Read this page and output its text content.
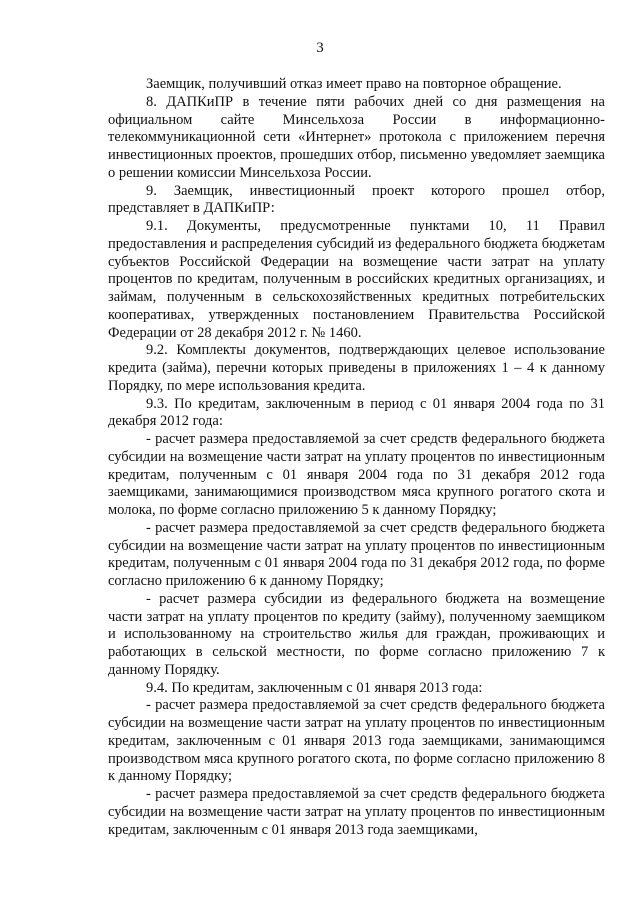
3

Заемщик, получивший отказ имеет право на повторное обращение.

8. ДАПКиПР в течение пяти рабочих дней со дня размещения на официальном сайте Минсельхоза России в информационно-телекоммуникационной сети «Интернет» протокола с приложением перечня инвестиционных проектов, прошедших отбор, письменно уведомляет заемщика о решении комиссии Минсельхоза России.

9. Заемщик, инвестиционный проект которого прошел отбор, представляет в ДАПКиПР:

9.1. Документы, предусмотренные пунктами 10, 11 Правил предоставления и распределения субсидий из федерального бюджета бюджетам субъектов Российской Федерации на возмещение части затрат на уплату процентов по кредитам, полученным в российских кредитных организациях, и займам, полученным в сельскохозяйственных кредитных потребительских кооперативах, утвержденных постановлением Правительства Российской Федерации от 28 декабря 2012 г. № 1460.

9.2. Комплекты документов, подтверждающих целевое использование кредита (займа), перечни которых приведены в приложениях 1 – 4 к данному Порядку, по мере использования кредита.

9.3. По кредитам, заключенным в период с 01 января 2004 года по 31 декабря 2012 года:

- расчет размера предоставляемой за счет средств федерального бюджета субсидии на возмещение части затрат на уплату процентов по инвестиционным кредитам, полученным с 01 января 2004 года по 31 декабря 2012 года заемщиками, занимающимися производством мяса крупного рогатого скота и молока, по форме согласно приложению 5 к данному Порядку;

- расчет размера предоставляемой за счет средств федерального бюджета субсидии на возмещение части затрат на уплату процентов по инвестиционным кредитам, полученным с 01 января 2004 года по 31 декабря 2012 года, по форме согласно приложению 6 к данному Порядку;

- расчет размера субсидии из федерального бюджета на возмещение части затрат на уплату процентов по кредиту (займу), полученному заемщиком и использованному на строительство жилья для граждан, проживающих и работающих в сельской местности, по форме согласно приложению 7 к данному Порядку.

9.4. По кредитам, заключенным с 01 января 2013 года:

- расчет размера предоставляемой за счет средств федерального бюджета субсидии на возмещение части затрат на уплату процентов по инвестиционным кредитам, заключенным с 01 января 2013 года заемщиками, занимающимся производством мяса крупного рогатого скота, по форме согласно приложению 8 к данному Порядку;

- расчет размера предоставляемой за счет средств федерального бюджета субсидии на возмещение части затрат на уплату процентов по инвестиционным кредитам, заключенным с 01 января 2013 года заемщиками,
